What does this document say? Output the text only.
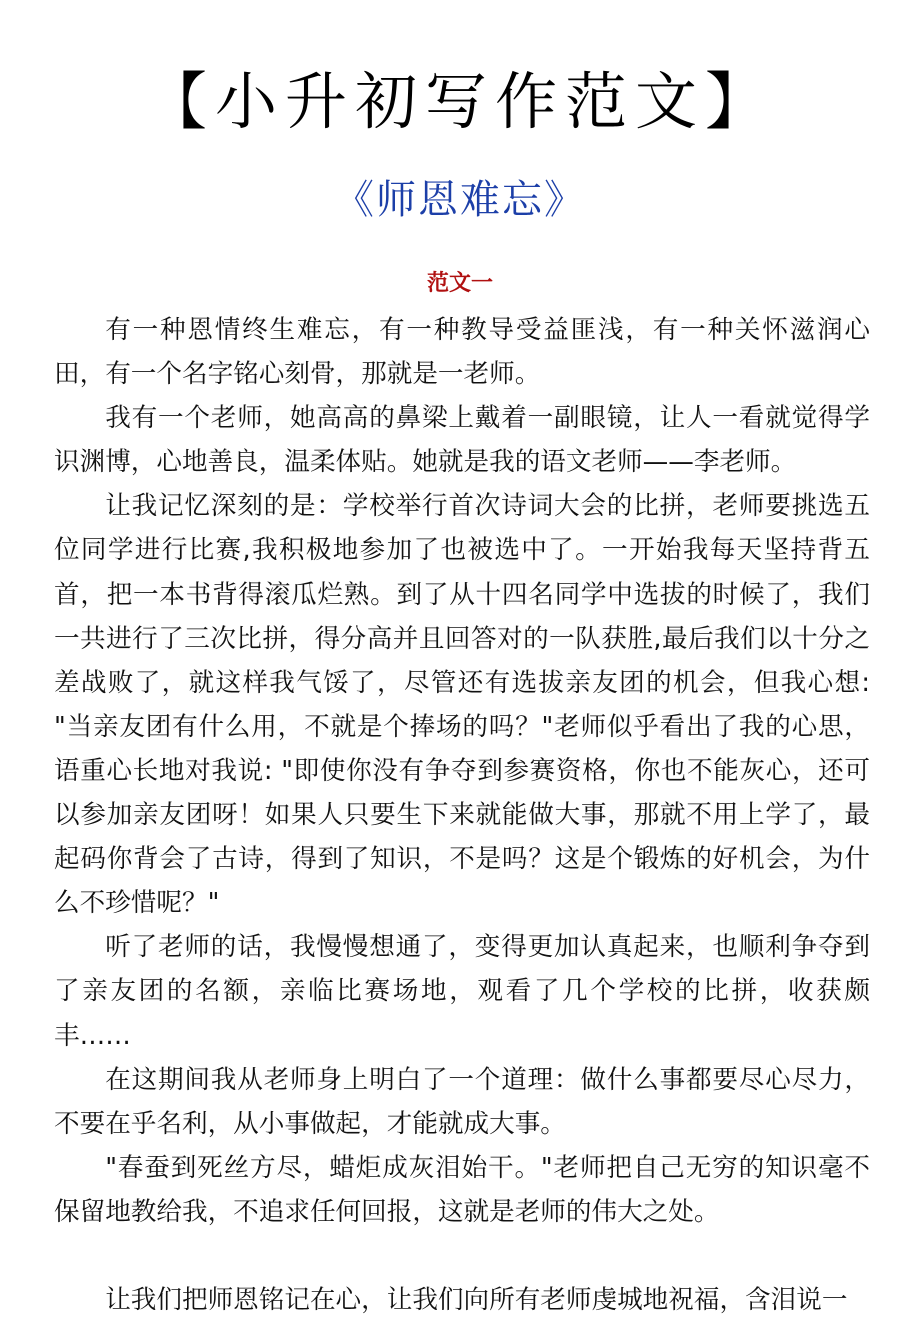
【小升初写作范文】
《师恩难忘》
范文一

有一种恩情终生难忘，有一种教导受益匪浅，有一种关怀滋润心田，有一个名字铭心刻骨，那就是一老师。

我有一个老师，她高高的鼻梁上戴着一副眼镜，让人一看就觉得学识渊博，心地善良，温柔体贴。她就是我的语文老师——李老师。

让我记忆深刻的是：学校举行首次诗词大会的比拼，老师要挑选五位同学进行比赛,我积极地参加了也被选中了。一开始我每天坚持背五首，把一本书背得滚瓜烂熟。到了从十四名同学中选拔的时候了，我们一共进行了三次比拼，得分高并且回答对的一队获胜,最后我们以十分之差战败了，就这样我气馁了，尽管还有选拔亲友团的机会，但我心想: "当亲友团有什么用，不就是个捧场的吗？"老师似乎看出了我的心思，语重心长地对我说: "即使你没有争夺到参赛资格，你也不能灰心，还可以参加亲友团呀！如果人只要生下来就能做大事，那就不用上学了，最起码你背会了古诗，得到了知识，不是吗？这是个锻炼的好机会，为什么不珍惜呢？"

听了老师的话，我慢慢想通了，变得更加认真起来，也顺利争夺到了亲友团的名额，亲临比赛场地，观看了几个学校的比拼，收获颇丰……

在这期间我从老师身上明白了一个道理：做什么事都要尽心尽力，不要在乎名利，从小事做起，才能就成大事。

"春蚕到死丝方尽，蜡炬成灰泪始干。"老师把自己无穷的知识毫不保留地教给我，不追求任何回报，这就是老师的伟大之处。

让我们把师恩铭记在心，让我们向所有老师虔城地祝福，含泪说一
